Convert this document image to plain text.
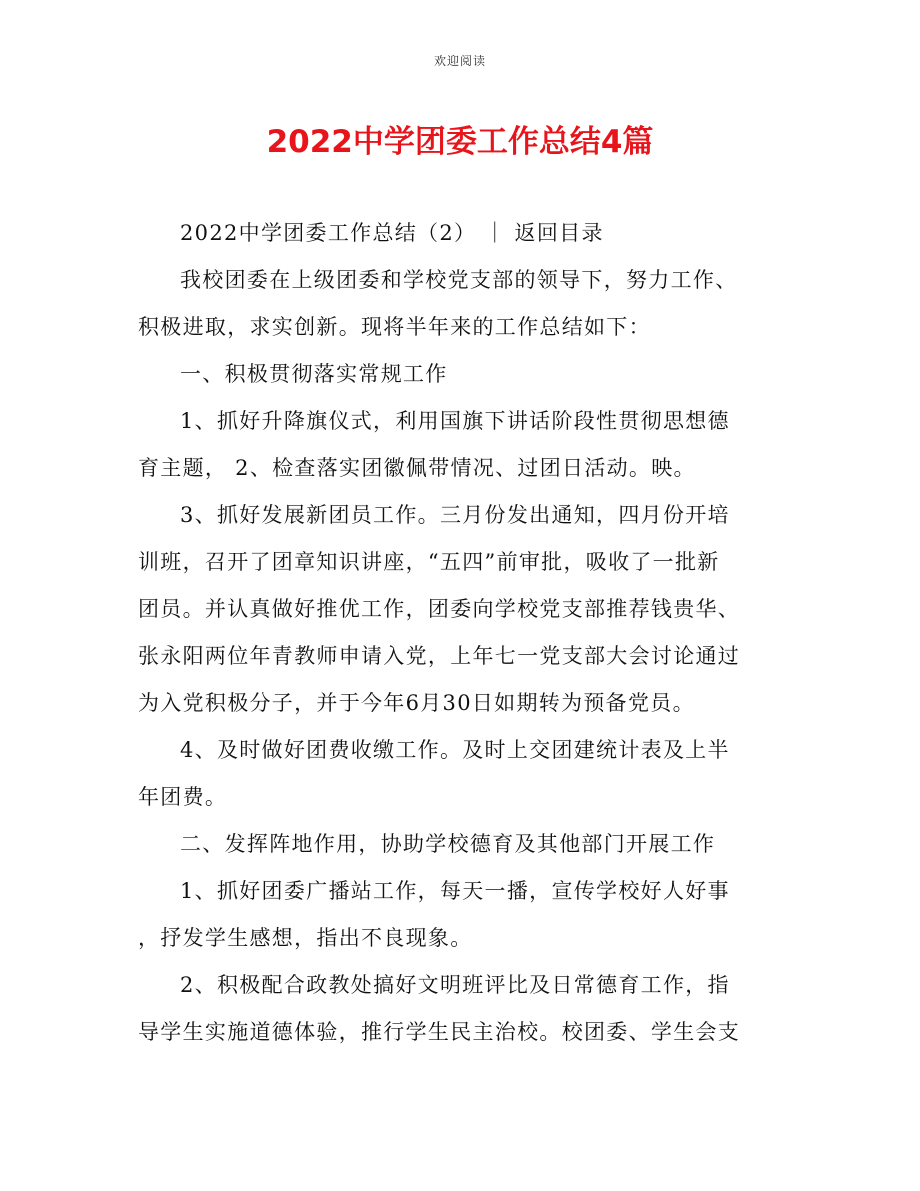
欢迎阅读
2022中学团委工作总结4篇

2022中学团委工作总结（2） ｜ 返回目录

我校团委在上级团委和学校党支部的领导下，努力工作、
积极进取，求实创新。现将半年来的工作总结如下：

一、积极贯彻落实常规工作

1、抓好升降旗仪式，利用国旗下讲话阶段性贯彻思想德
育主题， 2、检查落实团徽佩带情况、过团日活动。映。

3、抓好发展新团员工作。三月份发出通知，四月份开培
训班，召开了团章知识讲座，“五四”前审批，吸收了一批新
团员。并认真做好推优工作，团委向学校党支部推荐钱贵华、
张永阳两位年青教师申请入党，上年七一党支部大会讨论通过
为入党积极分子，并于今年6月30日如期转为预备党员。

4、及时做好团费收缴工作。及时上交团建统计表及上半
年团费。

二、发挥阵地作用，协助学校德育及其他部门开展工作

1、抓好团委广播站工作，每天一播，宣传学校好人好事
，抒发学生感想，指出不良现象。

2、积极配合政教处搞好文明班评比及日常德育工作，指
导学生实施道德体验，推行学生民主治校。校团委、学生会支
